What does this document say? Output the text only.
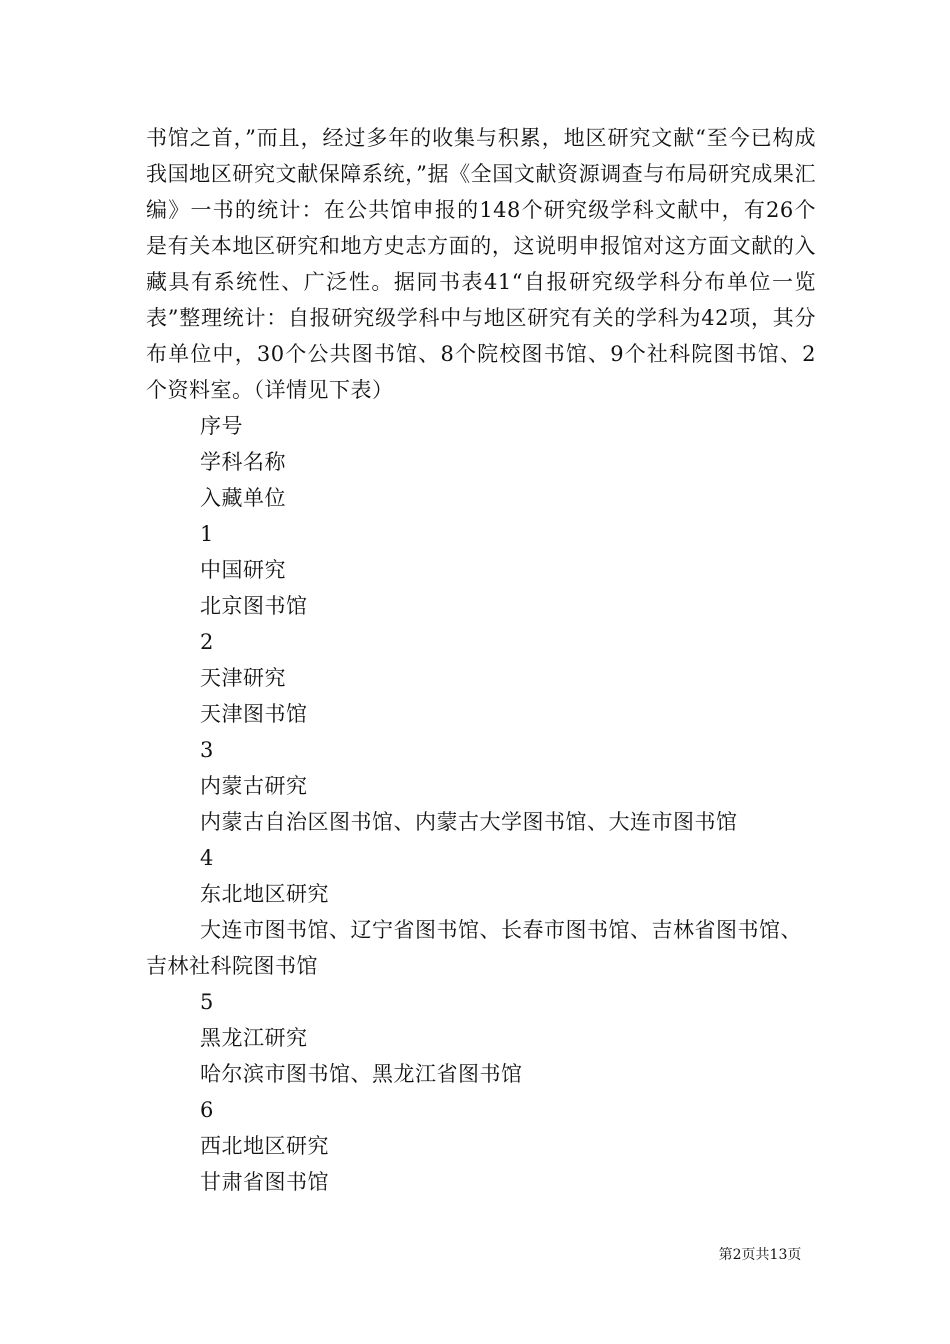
书馆之首，”而且，经过多年的收集与积累，地区研究文献“至今已构成我国地区研究文献保障系统，”据《全国文献资源调查与布局研究成果汇编》一书的统计：在公共馆申报的148个研究级学科文献中，有26个是有关本地区研究和地方史志方面的，这说明申报馆对这方面文献的入藏具有系统性、广泛性。据同书表41“自报研究级学科分布单位一览表”整理统计：自报研究级学科中与地区研究有关的学科为42项，其分布单位中，30个公共图书馆、8个院校图书馆、9个社科院图书馆、2个资料室。（详情见下表）

序号

学科名称

入藏单位

1

中国研究

北京图书馆

2

天津研究

天津图书馆

3

内蒙古研究

内蒙古自治区图书馆、内蒙古大学图书馆、大连市图书馆

4

东北地区研究

大连市图书馆、辽宁省图书馆、长春市图书馆、吉林省图书馆、吉林社科院图书馆

5

黑龙江研究

哈尔滨市图书馆、黑龙江省图书馆

6

西北地区研究

甘肃省图书馆

第2页共13页
